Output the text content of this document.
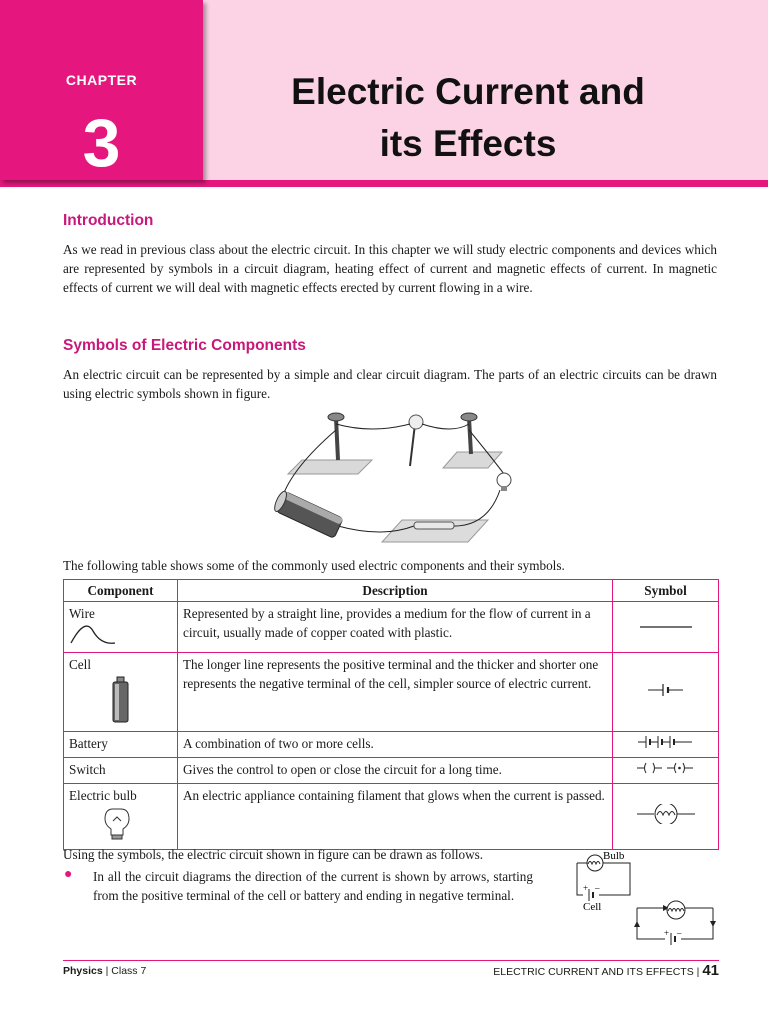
CHAPTER
3
Electric Current and
its Effects
Introduction
As we read in previous class about the electric circuit. In this chapter we will study electric components and devices which are represented by symbols in a circuit diagram, heating effect of current and magnetic effects of current. In magnetic effects of current we will deal with magnetic effects erected by current flowing in a wire.
Symbols of Electric Components
An electric circuit can be represented by a simple and clear circuit diagram. The parts of an electric circuits can be drawn using electric symbols shown in figure.
The following table shows some of the commonly used electric components and their symbols.
Component	Description	Symbol

Wire	Represented by a straight line, provides a medium for the flow of current in a circuit, usually made of copper coated with plastic.	

Cell	The longer line represents the positive terminal and the thicker and shorter one represents the negative terminal of the cell, simpler source of electric current.	
Battery	A combination of two or more cells.	
Switch	Gives the control to open or close the circuit for a long time.	

Electric bulb	An electric appliance containing filament that glows when the current is passed.	
Using the symbols, the electric circuit shown in figure can be drawn as follows.
● In all the circuit diagrams the direction of the current is shown by arrows, starting from the positive terminal of the cell or battery and ending in negative terminal.
Bulb
+ –
Cell
+ –
Physics | Class 7	ELECTRIC CURRENT AND ITS EFFECTS | 41
